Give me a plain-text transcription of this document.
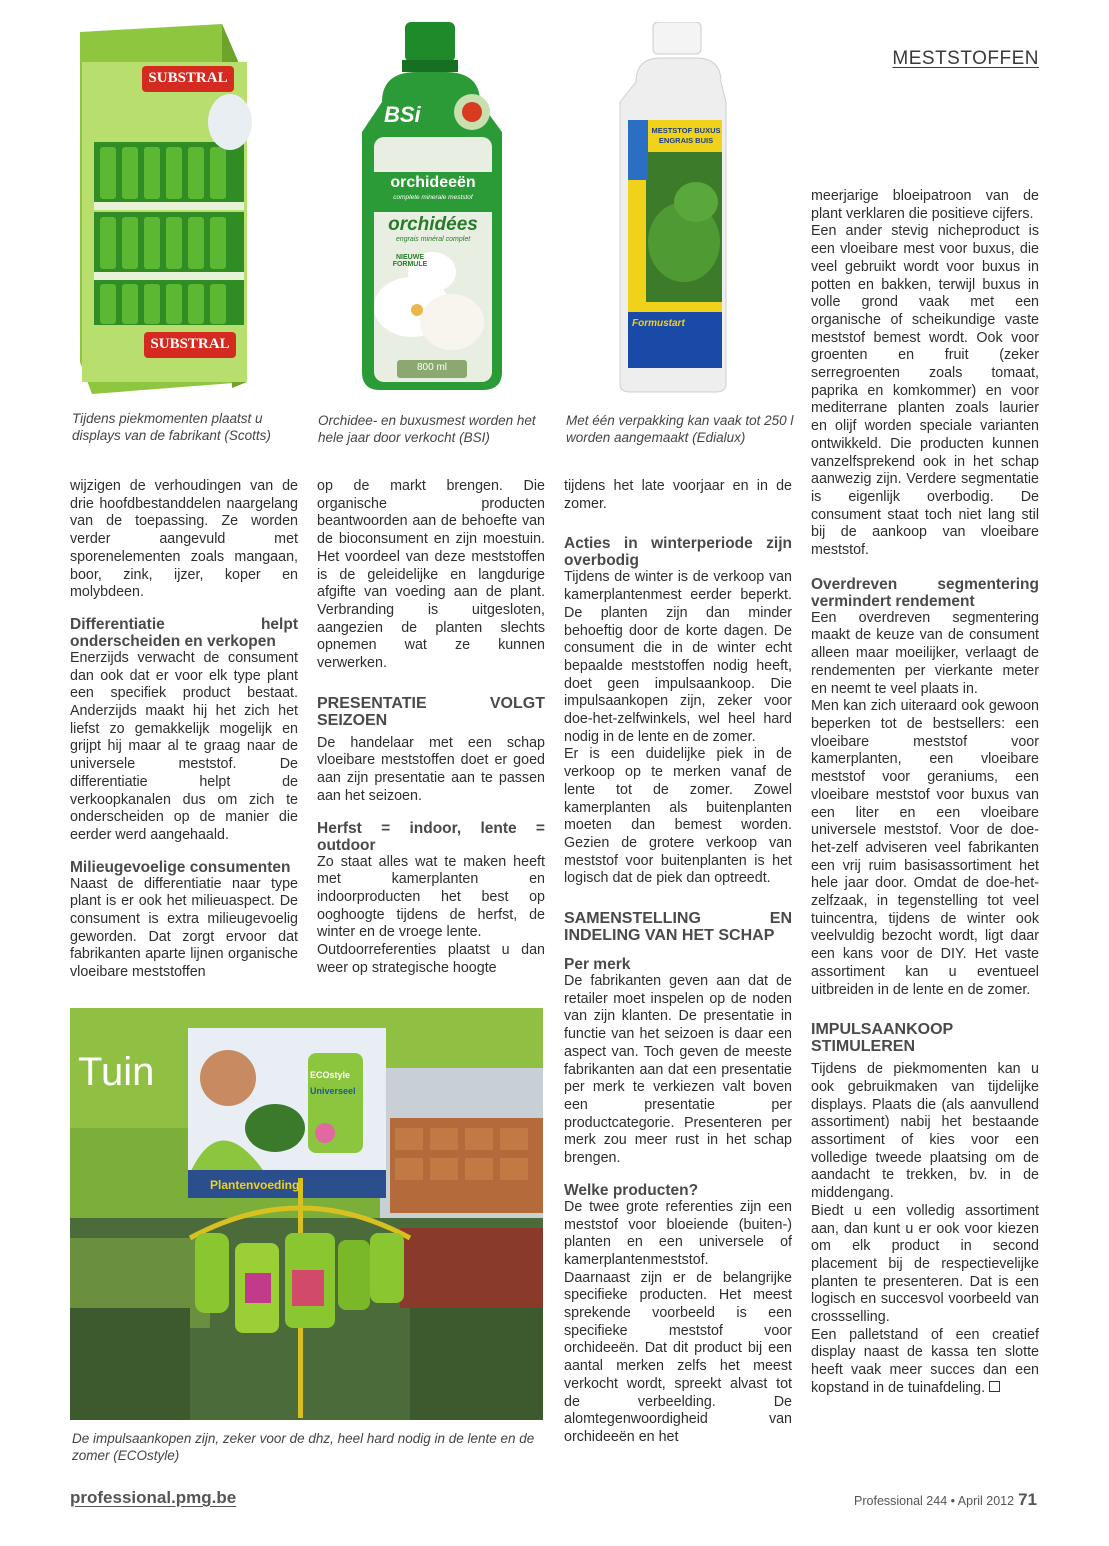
MESTSTOFFEN
SUBSTRAL
SUBSTRAL
Tijdens piekmomenten plaatst u displays van de fabrikant (Scotts)
BSi
orchideeën
complete minerale meststof
orchidées
engrais minéral complet
NIEUWE FORMULE
800 ml
Orchidee- en buxusmest worden het hele jaar door verkocht (BSI)
MESTSTOF BUXUS
ENGRAIS BUIS
Formustart
Met één verpakking kan vaak tot 250 l worden aangemaakt (Edialux)
Tuin
Plantenvoeding
ECOstyle
Universeel
De impulsaankopen zijn, zeker voor de dhz, heel hard nodig in de lente en de zomer (ECOstyle)

wijzigen de verhoudingen van de drie hoofdbestanddelen naargelang van de toepassing. Ze worden verder aangevuld met sporenelementen zoals mangaan, boor, zink, ijzer, koper en molybdeen.

Differentiatie helpt onderscheiden en verkopen

Enerzijds verwacht de consument dan ook dat er voor elk type plant een specifiek product bestaat. Anderzijds maakt hij het zich het liefst zo gemakkelijk mogelijk en grijpt hij maar al te graag naar de universele meststof. De differentiatie helpt de verkoopkanalen dus om zich te onderscheiden op de manier die eerder werd aangehaald.

Milieugevoelige consumenten

Naast de differentiatie naar type plant is er ook het milieuaspect. De consument is extra milieugevoelig geworden. Dat zorgt ervoor dat fabrikanten aparte lijnen organische vloeibare meststoffen

op de markt brengen. Die organische producten beantwoorden aan de behoefte van de bioconsument en zijn moestuin. Het voordeel van deze meststoffen is de geleidelijke en langdurige afgifte van voeding aan de plant. Verbranding is uitgesloten, aangezien de planten slechts opnemen wat ze kunnen verwerken.

PRESENTATIE VOLGT SEIZOEN

De handelaar met een schap vloeibare meststoffen doet er goed aan zijn presentatie aan te passen aan het seizoen.

Herfst = indoor, lente = outdoor

Zo staat alles wat te maken heeft met kamerplanten en indoorproducten het best op ooghoogte tijdens de herfst, de winter en de vroege lente.

Outdoorreferenties plaatst u dan weer op strategische hoogte

tijdens het late voorjaar en in de zomer.

Acties in winterperiode zijn overbodig

Tijdens de winter is de verkoop van kamerplantenmest eerder beperkt. De planten zijn dan minder behoeftig door de korte dagen. De consument die in de winter echt bepaalde meststoffen nodig heeft, doet geen impulsaankoop. Die impulsaankopen zijn, zeker voor doe-het-zelfwinkels, wel heel hard nodig in de lente en de zomer.

Er is een duidelijke piek in de verkoop op te merken vanaf de lente tot de zomer. Zowel kamerplanten als buitenplanten moeten dan bemest worden. Gezien de grotere verkoop van meststof voor buitenplanten is het logisch dat de piek dan optreedt.

SAMENSTELLING EN INDELING VAN HET SCHAP
Per merk

De fabrikanten geven aan dat de retailer moet inspelen op de noden van zijn klanten. De presentatie in functie van het seizoen is daar een aspect van. Toch geven de meeste fabrikanten aan dat een presentatie per merk te verkiezen valt boven een presentatie per productcategorie. Presenteren per merk zou meer rust in het schap brengen.

Welke producten?

De twee grote referenties zijn een meststof voor bloeiende (buiten-) planten en een universele of kamerplantenmeststof.

Daarnaast zijn er de belangrijke specifieke producten. Het meest sprekende voorbeeld is een specifieke meststof voor orchideeën. Dat dit product bij een aantal merken zelfs het meest verkocht wordt, spreekt alvast tot de verbeelding. De alomtegenwoordigheid van orchideeën en het

meerjarige bloeipatroon van de plant verklaren die positieve cijfers.

Een ander stevig nicheproduct is een vloeibare mest voor buxus, die veel gebruikt wordt voor buxus in potten en bakken, terwijl buxus in volle grond vaak met een organische of scheikundige vaste meststof bemest wordt. Ook voor groenten en fruit (zeker serregroenten zoals tomaat, paprika en komkommer) en voor mediterrane planten zoals laurier en olijf worden speciale varianten ontwikkeld. Die producten kunnen vanzelfsprekend ook in het schap aanwezig zijn. Verdere segmentatie is eigenlijk overbodig. De consument staat toch niet lang stil bij de aankoop van vloeibare meststof.

Overdreven segmentering vermindert rendement

Een overdreven segmentering maakt de keuze van de consument alleen maar moeilijker, verlaagt de rendementen per vierkante meter en neemt te veel plaats in.

Men kan zich uiteraard ook gewoon beperken tot de bestsellers: een vloeibare meststof voor kamerplanten, een vloeibare meststof voor geraniums, een vloeibare meststof voor buxus van een liter en een vloeibare universele meststof. Voor de doe-het-zelf adviseren veel fabrikanten een vrij ruim basisassortiment het hele jaar door. Omdat de doe-het-zelfzaak, in tegenstelling tot veel tuincentra, tijdens de winter ook veelvuldig bezocht wordt, ligt daar een kans voor de DIY. Het vaste assortiment kan u eventueel uitbreiden in de lente en de zomer.

IMPULSAANKOOP STIMULEREN

Tijdens de piekmomenten kan u ook gebruikmaken van tijdelijke displays. Plaats die (als aanvullend assortiment) nabij het bestaande assortiment of kies voor een volledige tweede plaatsing om de aandacht te trekken, bv. in de middengang.

Biedt u een volledig assortiment aan, dan kunt u er ook voor kiezen om elk product in second placement bij de respectievelijke planten te presenteren. Dat is een logisch en succesvol voorbeeld van crossselling.

Een palletstand of een creatief display naast de kassa ten slotte heeft vaak meer succes dan een kopstand in de tuinafdeling.

professional.pmg.be	Professional 244 • April 2012 71
